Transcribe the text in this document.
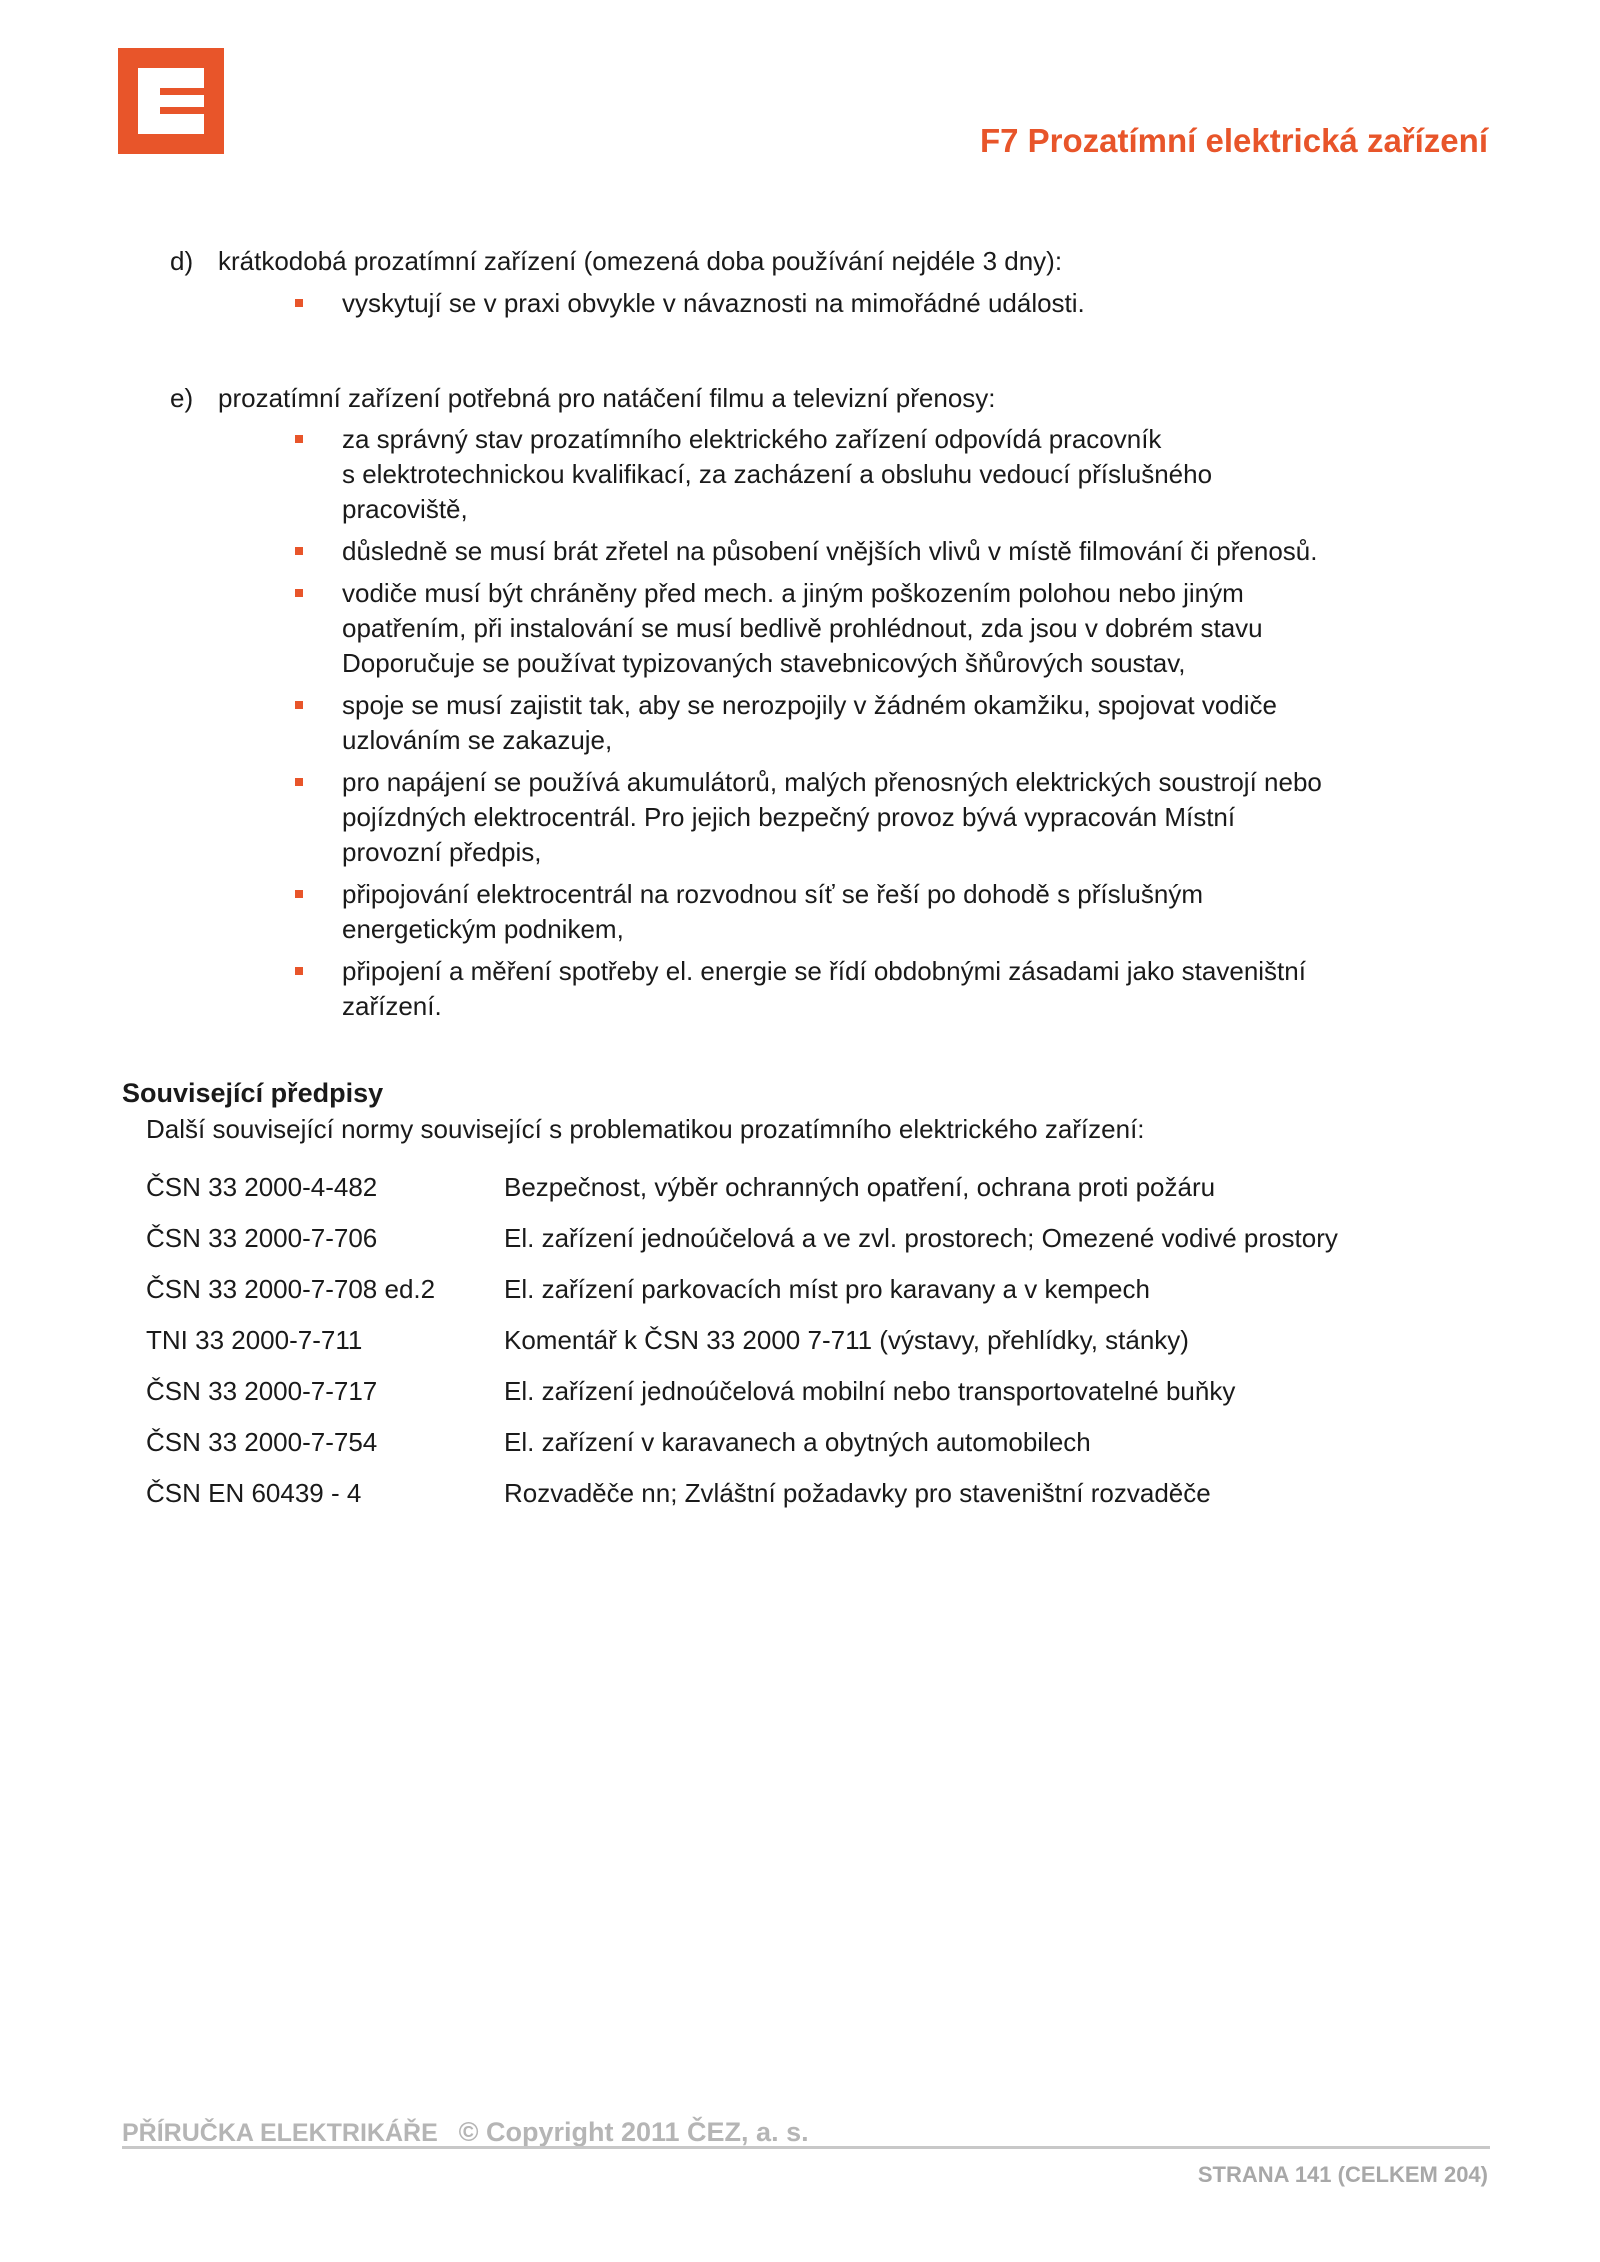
F7 Prozatímní elektrická zařízení
d) krátkodobá prozatímní zařízení (omezená doba používání nejdéle 3 dny):
vyskytují se v praxi obvykle v návaznosti na mimořádné události.
e) prozatímní zařízení potřebná pro natáčení filmu a televizní přenosy:
za správný stav prozatímního elektrického zařízení odpovídá pracovník
s elektrotechnickou kvalifikací, za zacházení a obsluhu vedoucí příslušného
pracoviště,
důsledně se musí brát zřetel na působení vnějších vlivů v místě filmování či přenosů.
vodiče musí být chráněny před mech. a jiným poškozením polohou nebo jiným
opatřením, při instalování se musí bedlivě prohlédnout, zda jsou v dobrém stavu
Doporučuje se používat typizovaných stavebnicových šňůrových soustav,
spoje se musí zajistit tak, aby se nerozpojily v žádném okamžiku, spojovat vodiče
uzlováním se zakazuje,
pro napájení se používá akumulátorů, malých přenosných elektrických soustrojí nebo
pojízdných elektrocentrál. Pro jejich bezpečný provoz bývá vypracován Místní
provozní předpis,
připojování elektrocentrál na rozvodnou síť se řeší po dohodě s příslušným
energetickým podnikem,
připojení a měření spotřeby el. energie se řídí obdobnými zásadami jako staveništní
zařízení.
Související předpisy
Další související normy související s problematikou prozatímního elektrického zařízení:
ČSN 33 2000-4-482	Bezpečnost, výběr ochranných opatření, ochrana proti požáru
ČSN 33 2000-7-706	El. zařízení jednoúčelová a ve zvl. prostorech; Omezené vodivé prostory
ČSN 33 2000-7-708 ed.2	El. zařízení parkovacích míst pro karavany a v kempech
TNI 33 2000-7-711	Komentář k ČSN 33 2000 7-711 (výstavy, přehlídky, stánky)
ČSN 33 2000-7-717	El. zařízení jednoúčelová mobilní nebo transportovatelné buňky
ČSN 33 2000-7-754	El. zařízení v karavanech a obytných automobilech
ČSN EN 60439 - 4	Rozvaděče nn; Zvláštní požadavky pro staveništní rozvaděče
PŘÍRUČKA ELEKTRIKÁŘE © Copyright 2011 ČEZ, a. s.
STRANA 141 (CELKEM 204)
